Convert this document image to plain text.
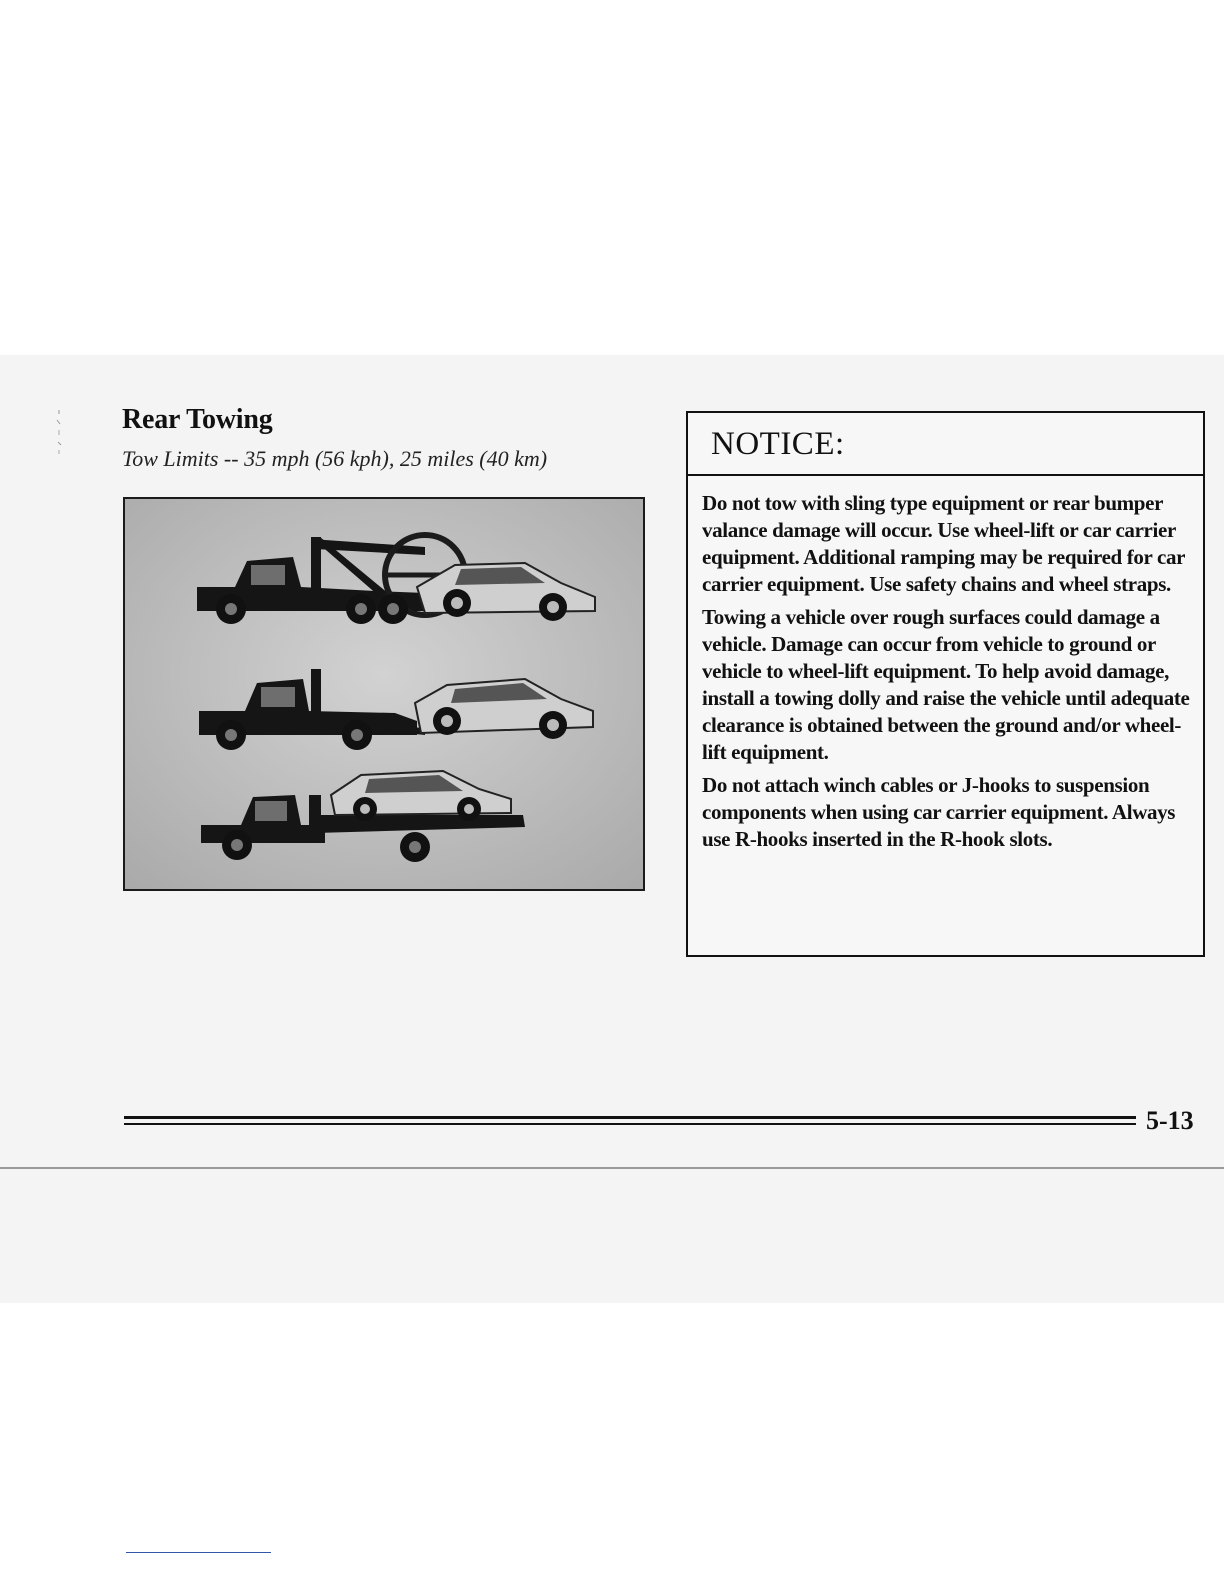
Rear Towing
Tow Limits -- 35 mph (56 kph), 25 miles (40 km)	NOTICE:

Do not tow with sling type equipment or rear bumper valance damage will occur. Use wheel-lift or car carrier equipment. Additional ramping may be required for car carrier equipment. Use safety chains and wheel straps.

Towing a vehicle over rough surfaces could damage a vehicle. Damage can occur from vehicle to ground or vehicle to wheel-lift equipment. To help avoid damage, install a towing dolly and raise the vehicle until adequate clearance is obtained between the ground and/or wheel-lift equipment.

Do not attach winch cables or J-hooks to suspension components when using car carrier equipment. Always use R-hooks inserted in the R-hook slots.

5-13
